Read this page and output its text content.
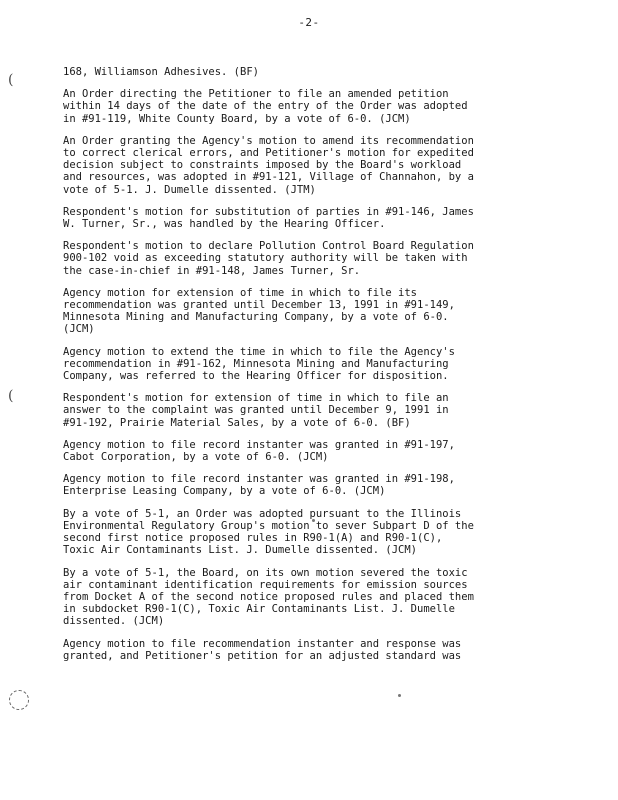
-2-
(
(

168, Williamson Adhesives. (BF)

An Order directing the Petitioner to file an amended petition
within 14 days of the date of the entry of the Order was adopted
in #91-119, White County Board, by a vote of 6-0. (JCM)

An Order granting the Agency's motion to amend its recommendation
to correct clerical errors, and Petitioner's motion for expedited
decision subject to constraints imposed by the Board's workload
and resources, was adopted in #91-121, Village of Channahon, by a
vote of 5-1. J. Dumelle dissented. (JTM)

Respondent's motion for substitution of parties in #91-146, James
W. Turner, Sr., was handled by the Hearing Officer.

Respondent's motion to declare Pollution Control Board Regulation
900-102 void as exceeding statutory authority will be taken with
the case-in-chief in #91-148, James Turner, Sr.

Agency motion for extension of time in which to file its
recommendation was granted until December 13, 1991 in #91-149,
Minnesota Mining and Manufacturing Company, by a vote of 6-0.
(JCM)

Agency motion to extend the time in which to file the Agency's
recommendation in #91-162, Minnesota Mining and Manufacturing
Company, was referred to the Hearing Officer for disposition.

Respondent's motion for extension of time in which to file an
answer to the complaint was granted until December 9, 1991 in
#91-192, Prairie Material Sales, by a vote of 6-0. (BF)

Agency motion to file record instanter was granted in #91-197,
Cabot Corporation, by a vote of 6-0. (JCM)

Agency motion to file record instanter was granted in #91-198,
Enterprise Leasing Company, by a vote of 6-0. (JCM)

By a vote of 5-1, an Order was adopted pursuant to the Illinois
Environmental Regulatory Group's motion to sever Subpart D of the
second first notice proposed rules in R90-1(A) and R90-1(C),
Toxic Air Contaminants List. J. Dumelle dissented. (JCM)

By a vote of 5-1, the Board, on its own motion severed the toxic
air contaminant identification requirements for emission sources
from Docket A of the second notice proposed rules and placed them
in subdocket R90-1(C), Toxic Air Contaminants List. J. Dumelle
dissented. (JCM)

Agency motion to file recommendation instanter and response was
granted, and Petitioner's petition for an adjusted standard was
